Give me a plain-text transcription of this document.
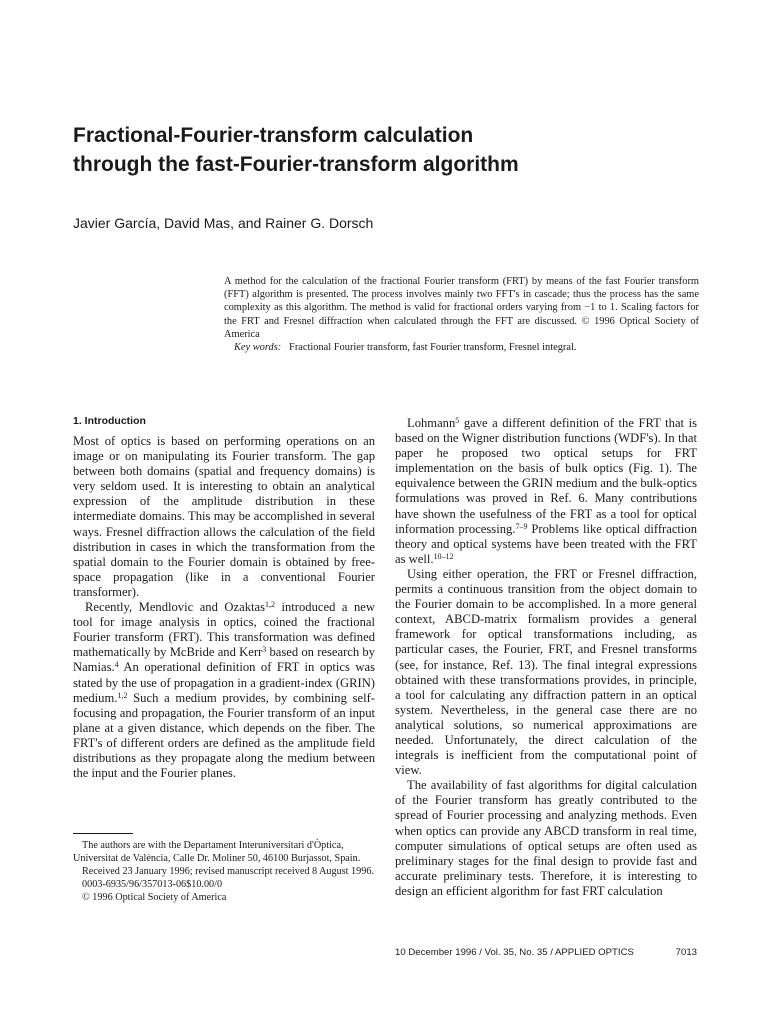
Fractional-Fourier-transform calculation
through the fast-Fourier-transform algorithm
Javier García, David Mas, and Rainer G. Dorsch

A method for the calculation of the fractional Fourier transform (FRT) by means of the fast Fourier transform (FFT) algorithm is presented. The process involves mainly two FFT's in cascade; thus the process has the same complexity as this algorithm. The method is valid for fractional orders varying from −1 to 1. Scaling factors for the FRT and Fresnel diffraction when calculated through the FFT are discussed. © 1996 Optical Society of America

Key words: Fractional Fourier transform, fast Fourier transform, Fresnel integral.

1. Introduction

Most of optics is based on performing operations on an image or on manipulating its Fourier transform. The gap between both domains (spatial and frequency domains) is very seldom used. It is interesting to obtain an analytical expression of the amplitude distribution in these intermediate domains. This may be accomplished in several ways. Fresnel diffraction allows the calculation of the field distribution in cases in which the transformation from the spatial domain to the Fourier domain is obtained by free-space propagation (like in a conventional Fourier transformer).

Recently, Mendlovic and Ozaktas$^{1,2}$ introduced a new tool for image analysis in optics, coined the fractional Fourier transform (FRT). This transformation was defined mathematically by McBride and Kerr$^3$ based on research by Namias.$^4$ An operational definition of FRT in optics was stated by the use of propagation in a gradient-index (GRIN) medium.$^{1,2}$ Such a medium provides, by combining self-focusing and propagation, the Fourier transform of an input plane at a given distance, which depends on the fiber. The FRT's of different orders are defined as the amplitude field distributions as they propagate along the medium between the input and the Fourier planes.

Lohmann$^5$ gave a different definition of the FRT that is based on the Wigner distribution functions (WDF's). In that paper he proposed two optical setups for FRT implementation on the basis of bulk optics (Fig. 1). The equivalence between the GRIN medium and the bulk-optics formulations was proved in Ref. 6. Many contributions have shown the usefulness of the FRT as a tool for optical information processing.$^{7-9}$ Problems like optical diffraction theory and optical systems have been treated with the FRT as well.$^{10-12}$

Using either operation, the FRT or Fresnel diffraction, permits a continuous transition from the object domain to the Fourier domain to be accomplished. In a more general context, ABCD-matrix formalism provides a general framework for optical transformations including, as particular cases, the Fourier, FRT, and Fresnel transforms (see, for instance, Ref. 13). The final integral expressions obtained with these transformations provides, in principle, a tool for calculating any diffraction pattern in an optical system. Nevertheless, in the general case there are no analytical solutions, so numerical approximations are needed. Unfortunately, the direct calculation of the integrals is inefficient from the computational point of view.

The availability of fast algorithms for digital calculation of the Fourier transform has greatly contributed to the spread of Fourier processing and analyzing methods. Even when optics can provide any ABCD transform in real time, computer simulations of optical setups are often used as preliminary stages for the final design to provide fast and accurate preliminary tests. Therefore, it is interesting to design an efficient algorithm for fast FRT calculation

The authors are with the Departament Interuniversitari d'Òptica, Universitat de València, Calle Dr. Moliner 50, 46100 Burjassot, Spain.

Received 23 January 1996; revised manuscript received 8 August 1996.

0003-6935/96/357013-06$10.00/0

© 1996 Optical Society of America

10 December 1996 / Vol. 35, No. 35 / APPLIED OPTICS	7013
